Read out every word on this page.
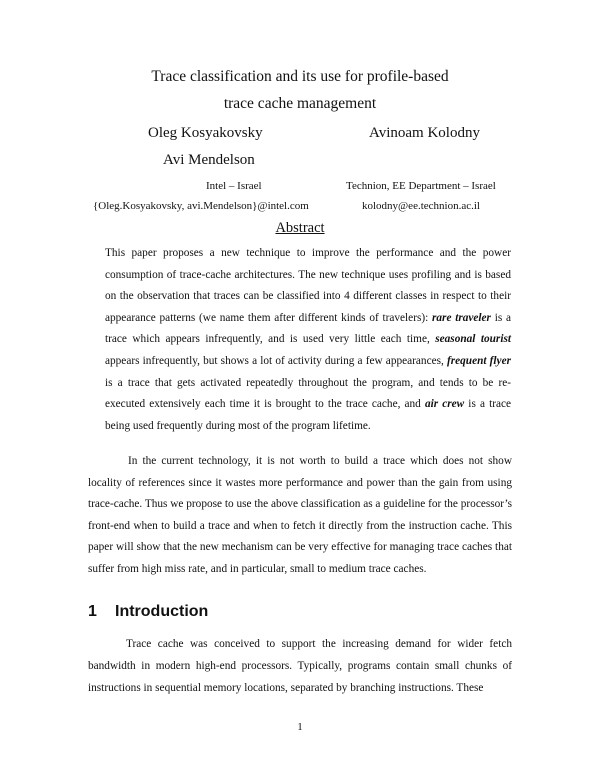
Trace classification and its use for profile-based
trace cache management
Oleg Kosyakovsky	Avinoam Kolodny
Avi Mendelson
Intel – Israel	Technion, EE Department – Israel
{Oleg.Kosyakovsky, avi.Mendelson}@intel.com	kolodny@ee.technion.ac.il
Abstract

This paper proposes a new technique to improve the performance and the power consumption of trace-cache architectures. The new technique uses profiling and is based on the observation that traces can be classified into 4 different classes in respect to their appearance patterns (we name them after different kinds of travelers): rare traveler is a trace which appears infrequently, and is used very little each time, seasonal tourist appears infrequently, but shows a lot of activity during a few appearances, frequent flyer is a trace that gets activated repeatedly throughout the program, and tends to be re-executed extensively each time it is brought to the trace cache, and air crew is a trace being used frequently during most of the program lifetime.

In the current technology, it is not worth to build a trace which does not show locality of references since it wastes more performance and power than the gain from using trace-cache. Thus we propose to use the above classification as a guideline for the processor’s front-end when to build a trace and when to fetch it directly from the instruction cache. This paper will show that the new mechanism can be very effective for managing trace caches that suffer from high miss rate, and in particular, small to medium trace caches.

1 Introduction

Trace cache was conceived to support the increasing demand for wider fetch bandwidth in modern high-end processors. Typically, programs contain small chunks of instructions in sequential memory locations, separated by branching instructions. These

1
